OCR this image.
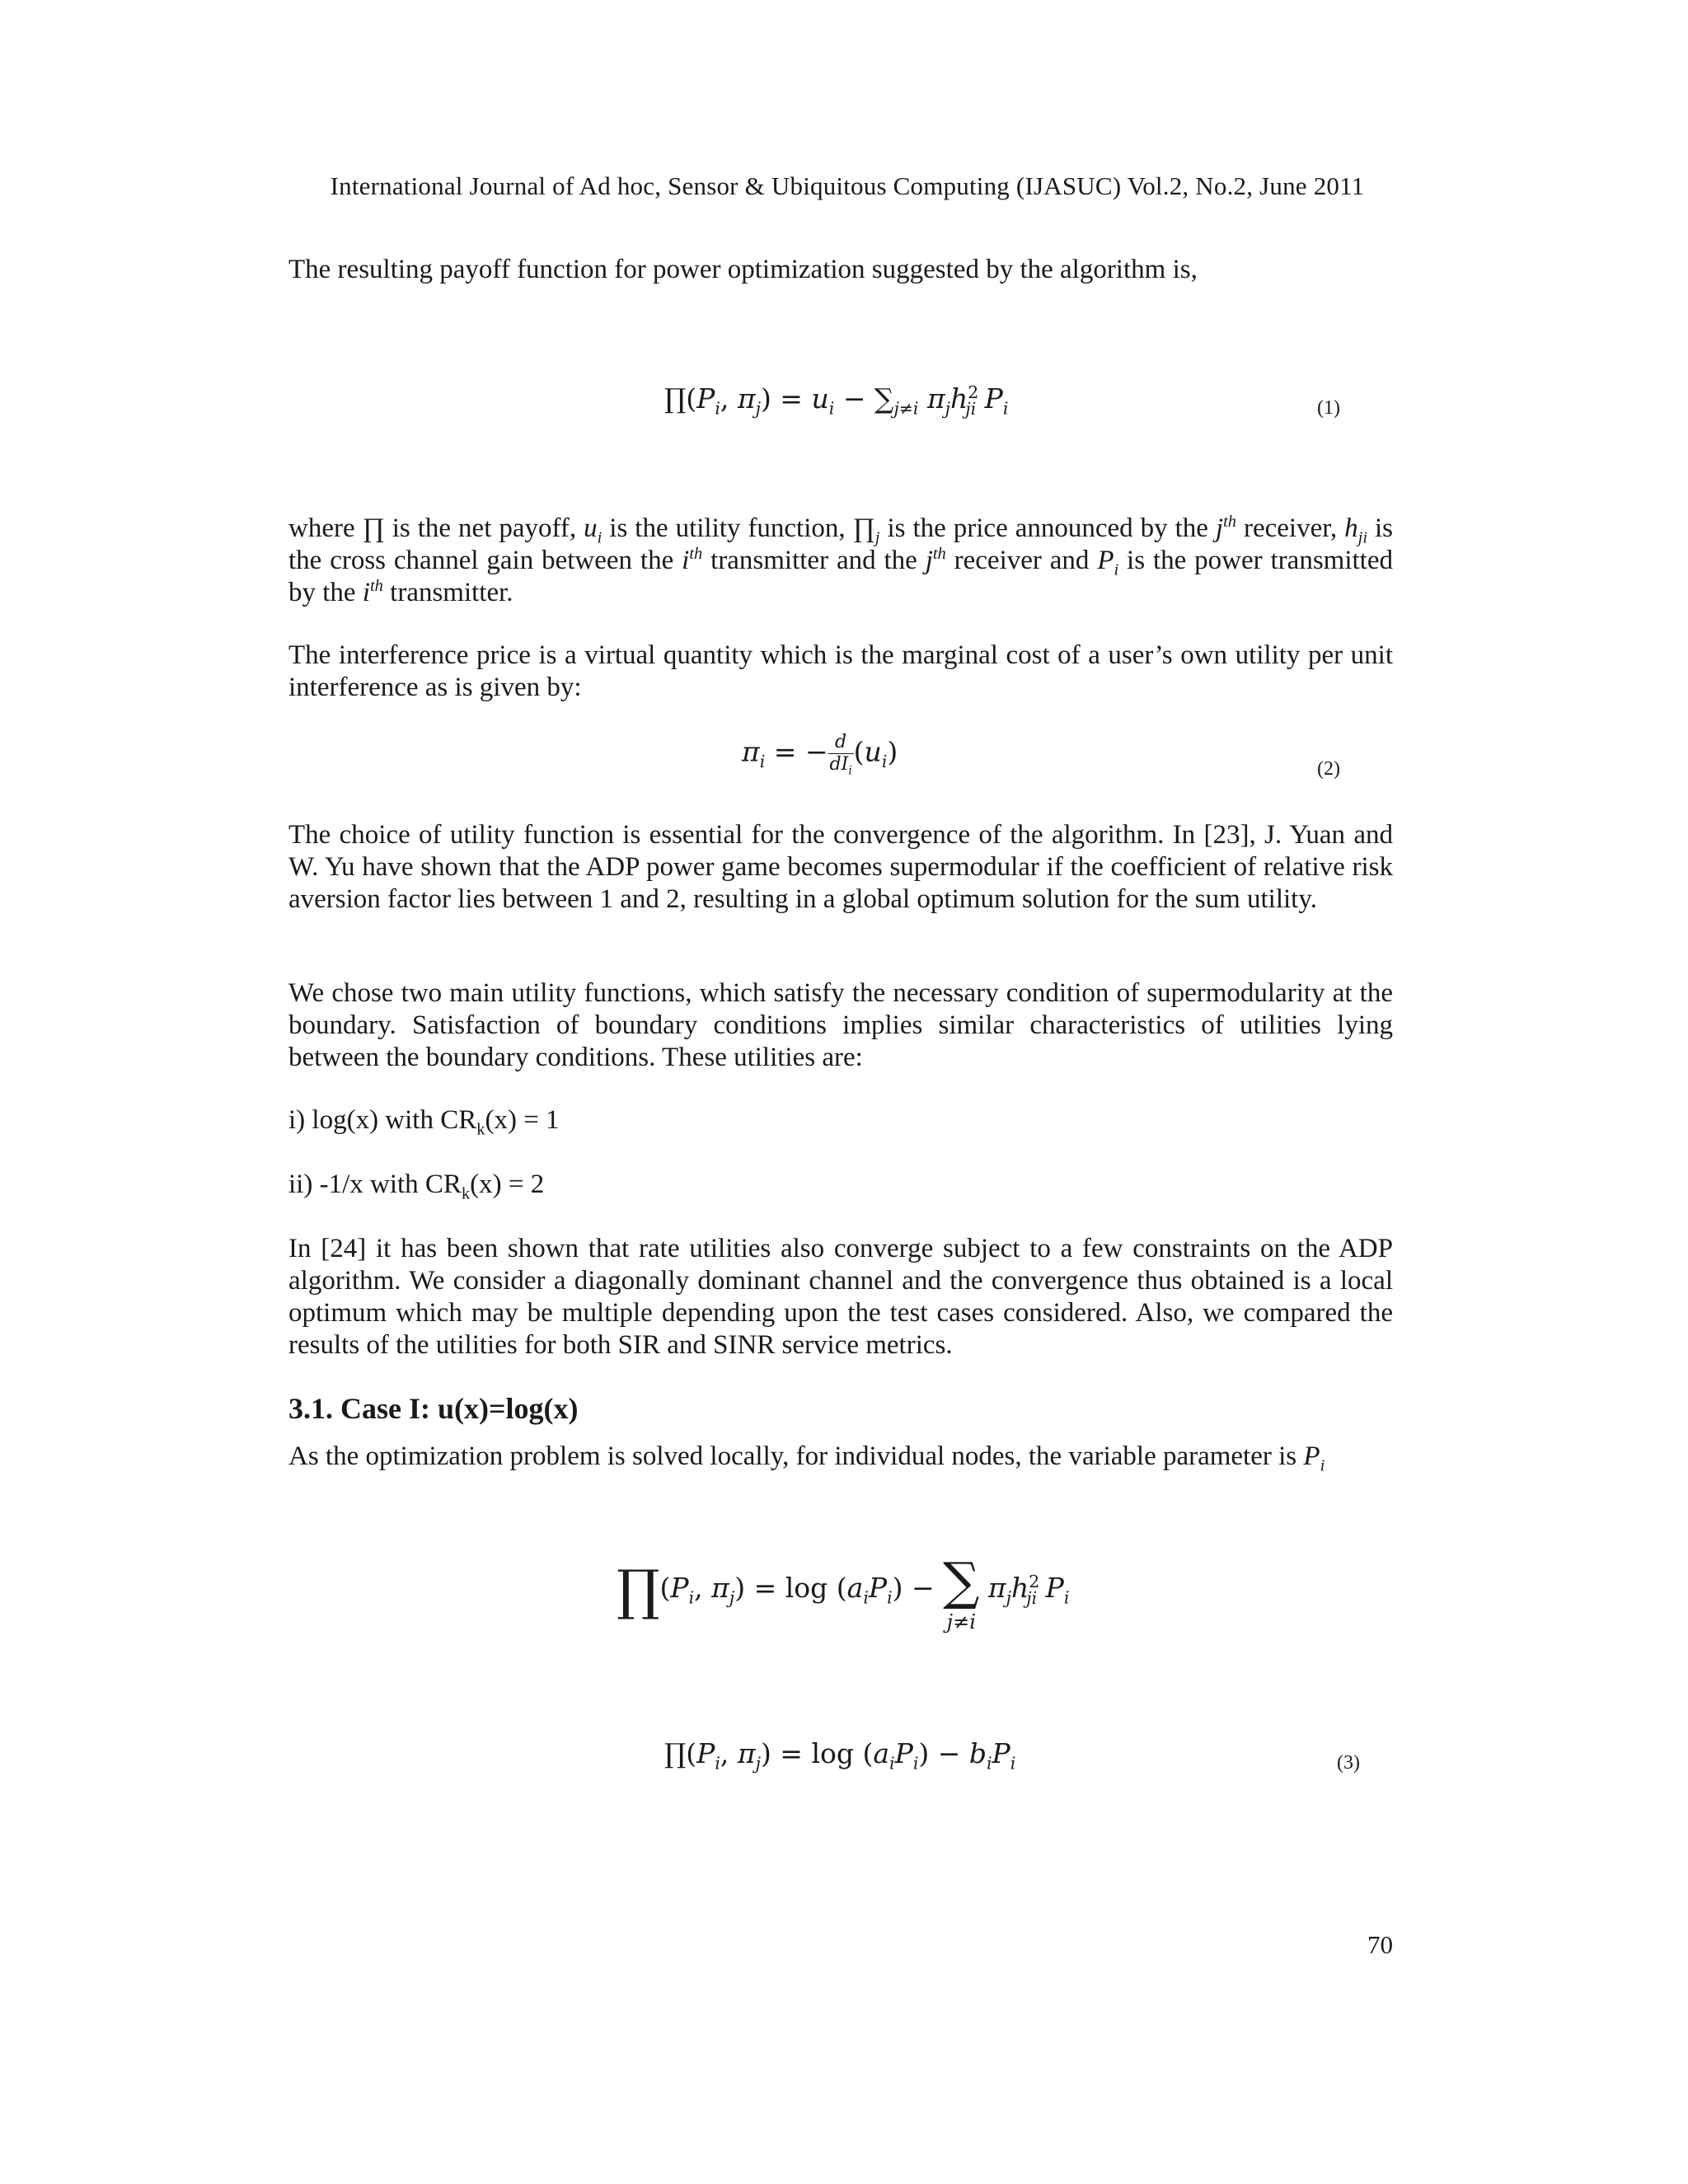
International Journal of Ad hoc, Sensor & Ubiquitous Computing (IJASUC) Vol.2, No.2, June 2011

The resulting payoff function for power optimization suggested by the algorithm is,

$\prod(P_i$, $\pi_j) = u_i - \sum_{j\ne i}$ $\pi_jh^2_{ji}$ $P_i$	(1)

where ∏ is the net payoff, $u_i$ is the utility function, $\prod_j$ is the price announced by the $j^{th}$ receiver, $h_{ji}$ is the cross channel gain between the $i^{th}$ transmitter and the $j^{th}$ receiver and $P_i$ is the power transmitted by the $i^{th}$ transmitter.

The interference price is a virtual quantity which is the marginal cost of a user’s own utility per unit interference as is given by:

$\pi_i$ = − $\frac{d}{dI_i} (u_i)$
(2)

The choice of utility function is essential for the convergence of the algorithm. In [23], J. Yuan and W. Yu have shown that the ADP power game becomes supermodular if the coefficient of relative risk aversion factor lies between 1 and 2, resulting in a global optimum solution for the sum utility.

We chose two main utility functions, which satisfy the necessary condition of supermodularity at the boundary. Satisfaction of boundary conditions implies similar characteristics of utilities lying between the boundary conditions. These utilities are:

i) log(x) with $CR_k(x) = 1$

ii) -1/x with $CR_k(x) = 2$

In [24] it has been shown that rate utilities also converge subject to a few constraints on the ADP algorithm. We consider a diagonally dominant channel and the convergence thus obtained is a local optimum which may be multiple depending upon the test cases considered. Also, we compared the results of the utilities for both SIR and SINR service metrics.

3.1. Case I: u(x)=log(x)

As the optimization problem is solved locally, for individual nodes, the variable parameter is $P_i$

$\prod(P_i$, $\pi_j) = \log (a_iP_i)$ − ∑
j≠i
$\pi_jh^2_{ji}$ $P_i$
$\prod(P_i$, $\pi_j) = \log (a_iP_i) - b_iP_i$	(3)
70
